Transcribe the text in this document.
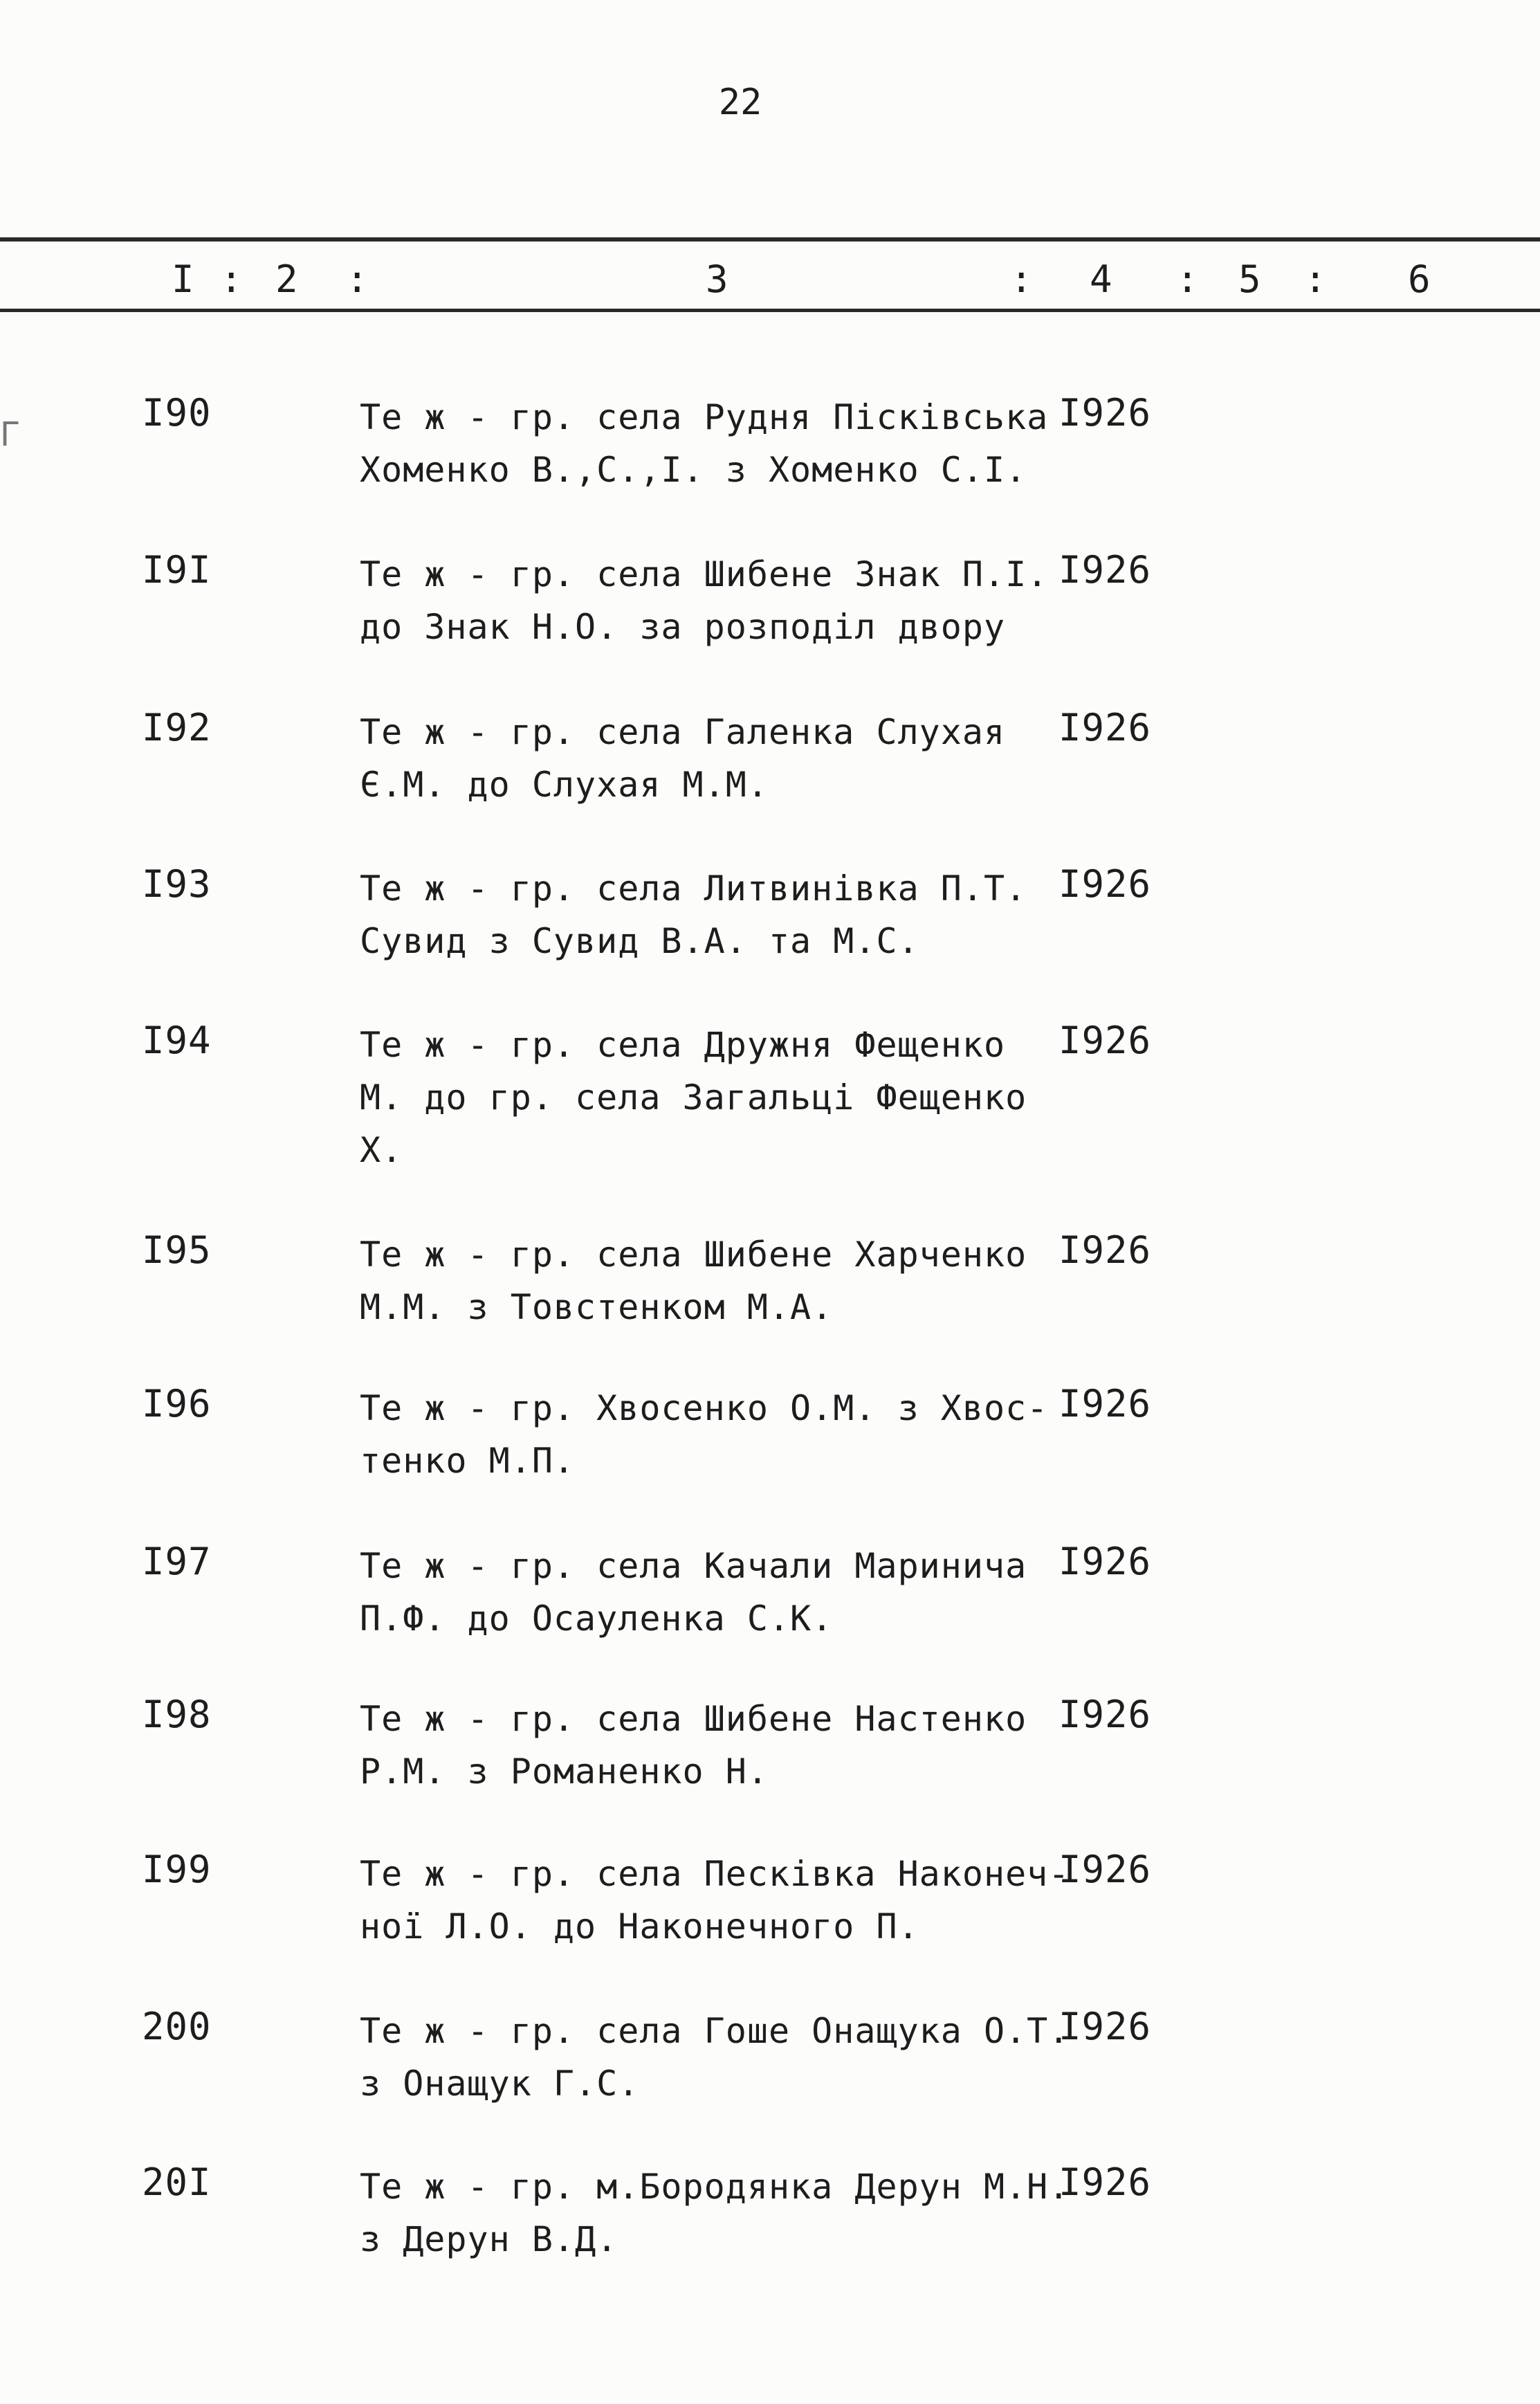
22
I : 2 :	3	: 4 : 5 : 6
ᒥ	I90	Те ж - гр. села Рудня Пісківська
Хоменко В.,С.,І. з Хоменко С.І.
I926
I9I	Те ж - гр. села Шибене Знак П.І.
до Знак Н.О. за розподіл двору
I926
I92	Те ж - гр. села Галенка Слухая
Є.М. до Слухая М.М.
I926
I93	Те ж - гр. села Литвинівка П.Т.
Сувид з Сувид В.А. та М.С.
I926
I94	Те ж - гр. села Дружня Фещенко
М. до гр. села Загальці Фещенко
Х.
I926
I95	Те ж - гр. села Шибене Харченко
М.М. з Товстенком М.А.
I926
I96	Те ж - гр. Хвосенко О.М. з Хвос-
тенко М.П.
I926
I97	Те ж - гр. села Качали Маринича
П.Ф. до Осауленка С.К.
I926
I98	Те ж - гр. села Шибене Настенко
Р.М. з Романенко Н.
I926
I99	Те ж - гр. села Песківка Наконеч-
ної Л.О. до Наконечного П.
I926
200	Те ж - гр. села Гоше Онащука О.Т.
з Онащук Г.С.
I926
20I	Те ж - гр. м.Бородянка Дерун М.Н.
з Дерун В.Д.
I926
